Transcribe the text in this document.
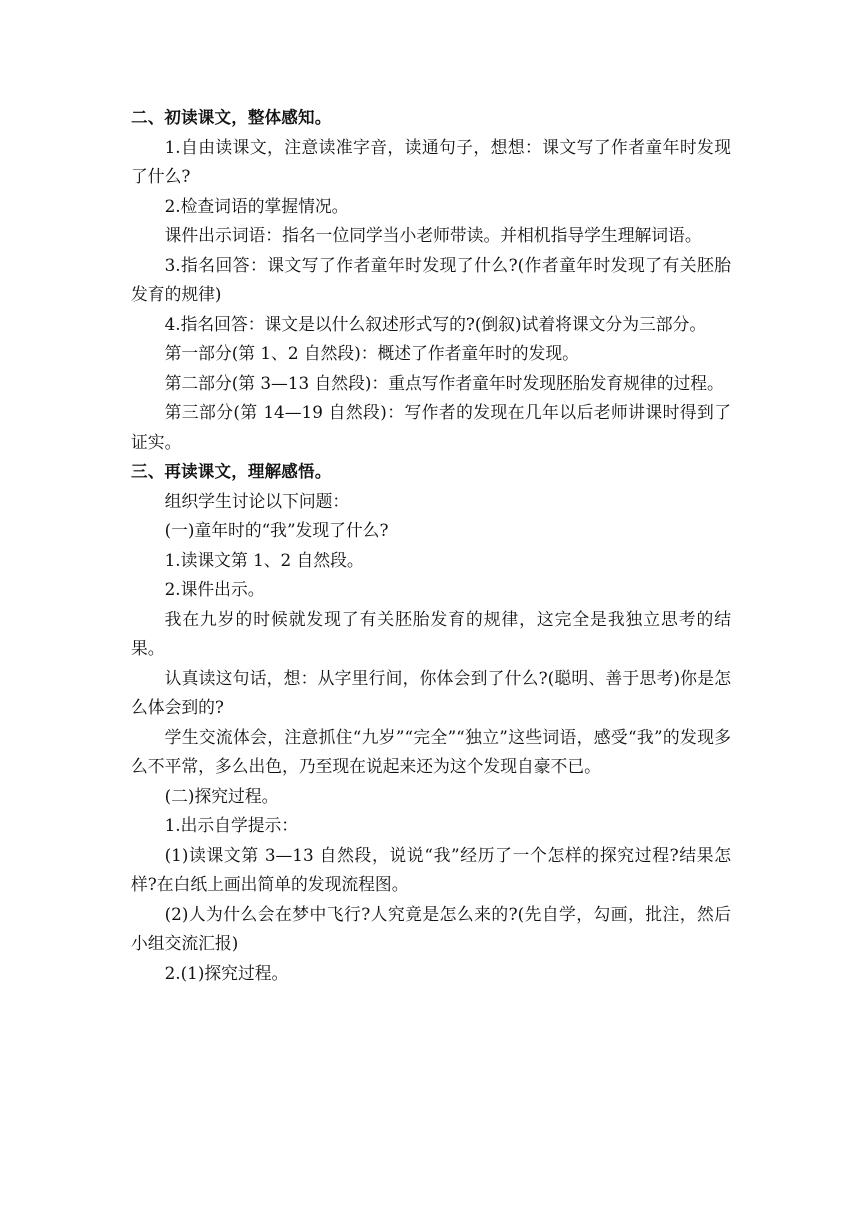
二、初读课文，整体感知。

1.自由读课文，注意读准字音，读通句子，想想：课文写了作者童年时发现了什么?

2.检查词语的掌握情况。

课件出示词语：指名一位同学当小老师带读。并相机指导学生理解词语。

3.指名回答：课文写了作者童年时发现了什么?(作者童年时发现了有关胚胎发育的规律)

4.指名回答：课文是以什么叙述形式写的?(倒叙)试着将课文分为三部分。

第一部分(第 1、2 自然段)：概述了作者童年时的发现。

第二部分(第 3—13 自然段)：重点写作者童年时发现胚胎发育规律的过程。

第三部分(第 14—19 自然段)：写作者的发现在几年以后老师讲课时得到了证实。

三、再读课文，理解感悟。

组织学生讨论以下问题：

(一)童年时的“我”发现了什么?

1.读课文第 1、2 自然段。

2.课件出示。

我在九岁的时候就发现了有关胚胎发育的规律，这完全是我独立思考的结果。

认真读这句话，想：从字里行间，你体会到了什么?(聪明、善于思考)你是怎么体会到的?

学生交流体会，注意抓住“九岁”“完全”“独立”这些词语，感受“我”的发现多么不平常，多么出色，乃至现在说起来还为这个发现自豪不已。

(二)探究过程。

1.出示自学提示：

(1)读课文第 3—13 自然段，说说“我”经历了一个怎样的探究过程?结果怎样?在白纸上画出简单的发现流程图。

(2)人为什么会在梦中飞行?人究竟是怎么来的?(先自学，勾画，批注，然后小组交流汇报)

2.(1)探究过程。
